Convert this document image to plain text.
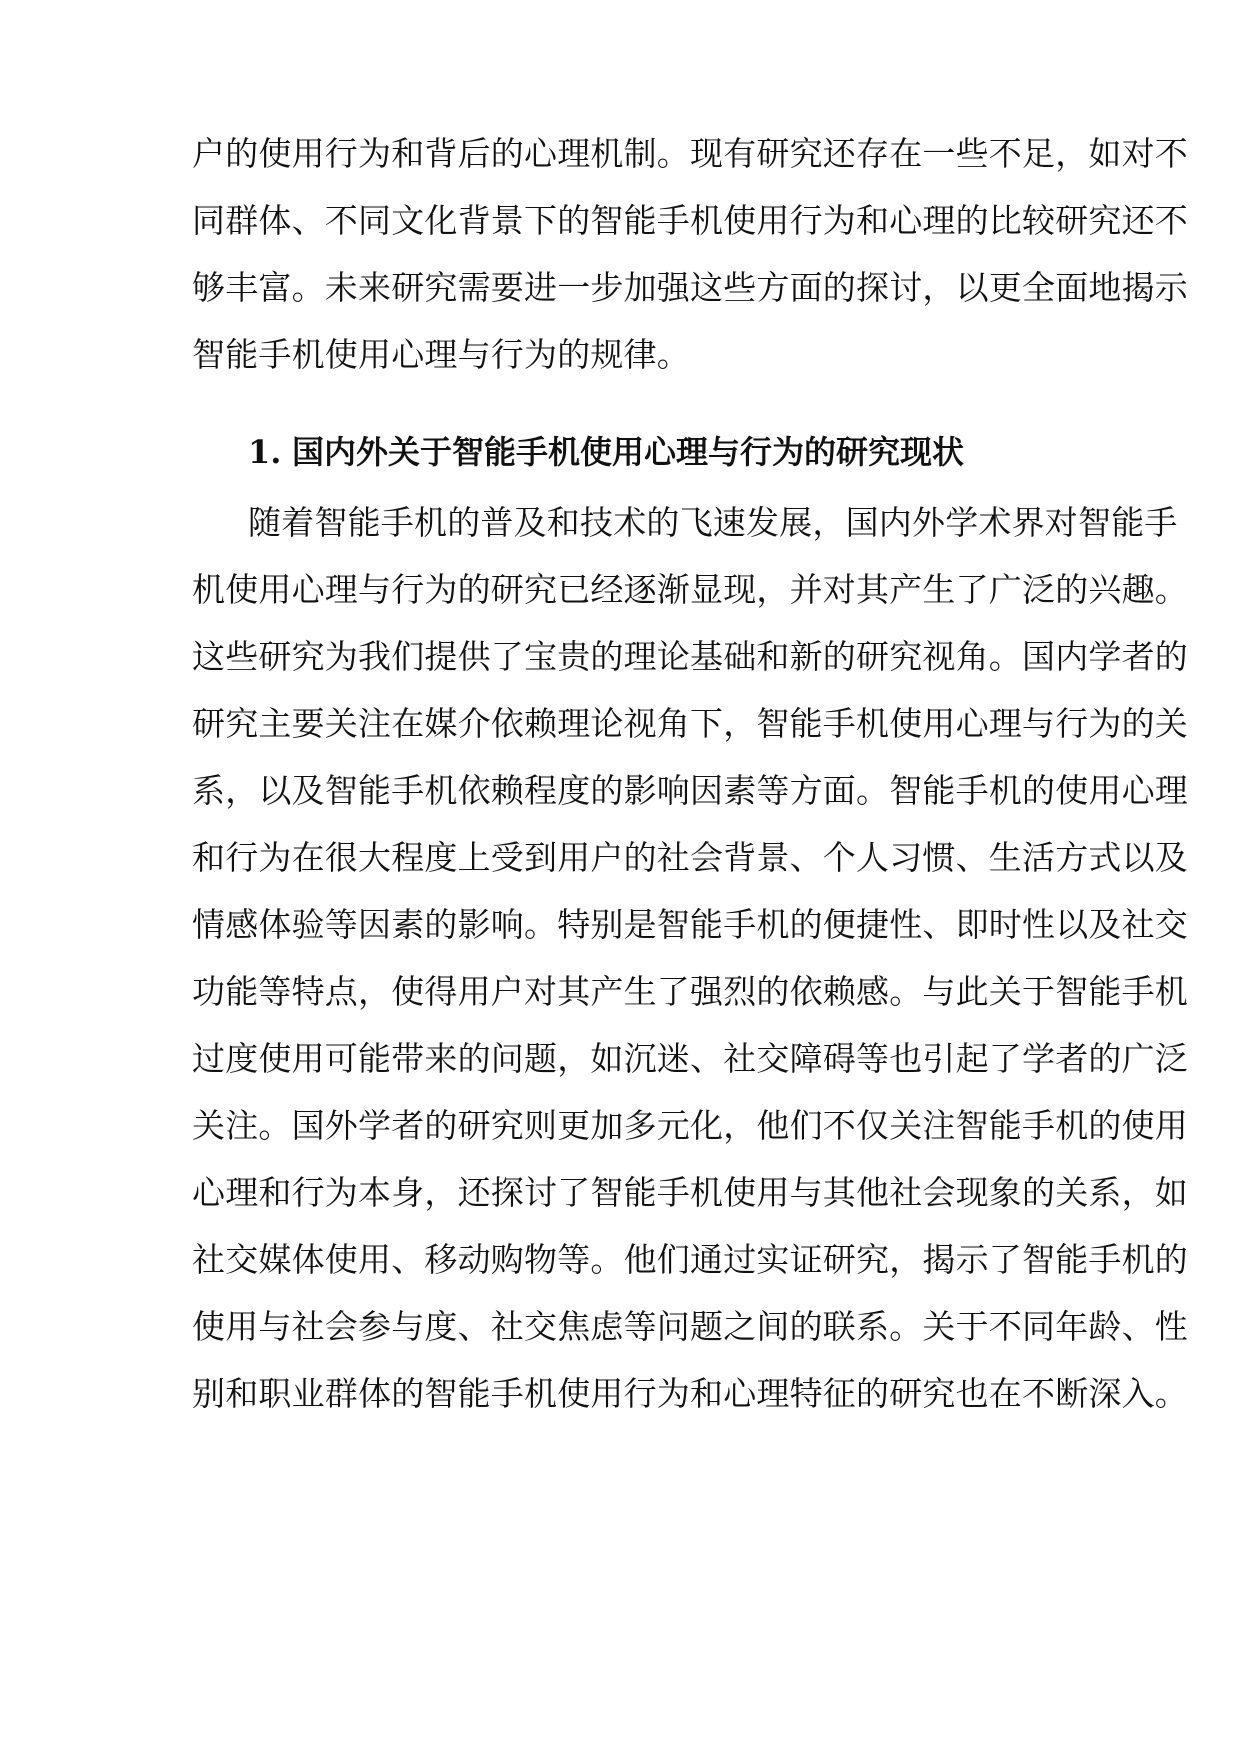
户的使用行为和背后的心理机制。现有研究还存在一些不足，如对不
同群体、不同文化背景下的智能手机使用行为和心理的比较研究还不
够丰富。未来研究需要进一步加强这些方面的探讨，以更全面地揭示
智能手机使用心理与行为的规律。
1. 国内外关于智能手机使用心理与行为的研究现状
随着智能手机的普及和技术的飞速发展，国内外学术界对智能手
机使用心理与行为的研究已经逐渐显现，并对其产生了广泛的兴趣。
这些研究为我们提供了宝贵的理论基础和新的研究视角。国内学者的
研究主要关注在媒介依赖理论视角下，智能手机使用心理与行为的关
系，以及智能手机依赖程度的影响因素等方面。智能手机的使用心理
和行为在很大程度上受到用户的社会背景、个人习惯、生活方式以及
情感体验等因素的影响。特别是智能手机的便捷性、即时性以及社交
功能等特点，使得用户对其产生了强烈的依赖感。与此关于智能手机
过度使用可能带来的问题，如沉迷、社交障碍等也引起了学者的广泛
关注。国外学者的研究则更加多元化，他们不仅关注智能手机的使用
心理和行为本身，还探讨了智能手机使用与其他社会现象的关系，如
社交媒体使用、移动购物等。他们通过实证研究，揭示了智能手机的
使用与社会参与度、社交焦虑等问题之间的联系。关于不同年龄、性
别和职业群体的智能手机使用行为和心理特征的研究也在不断深入。
